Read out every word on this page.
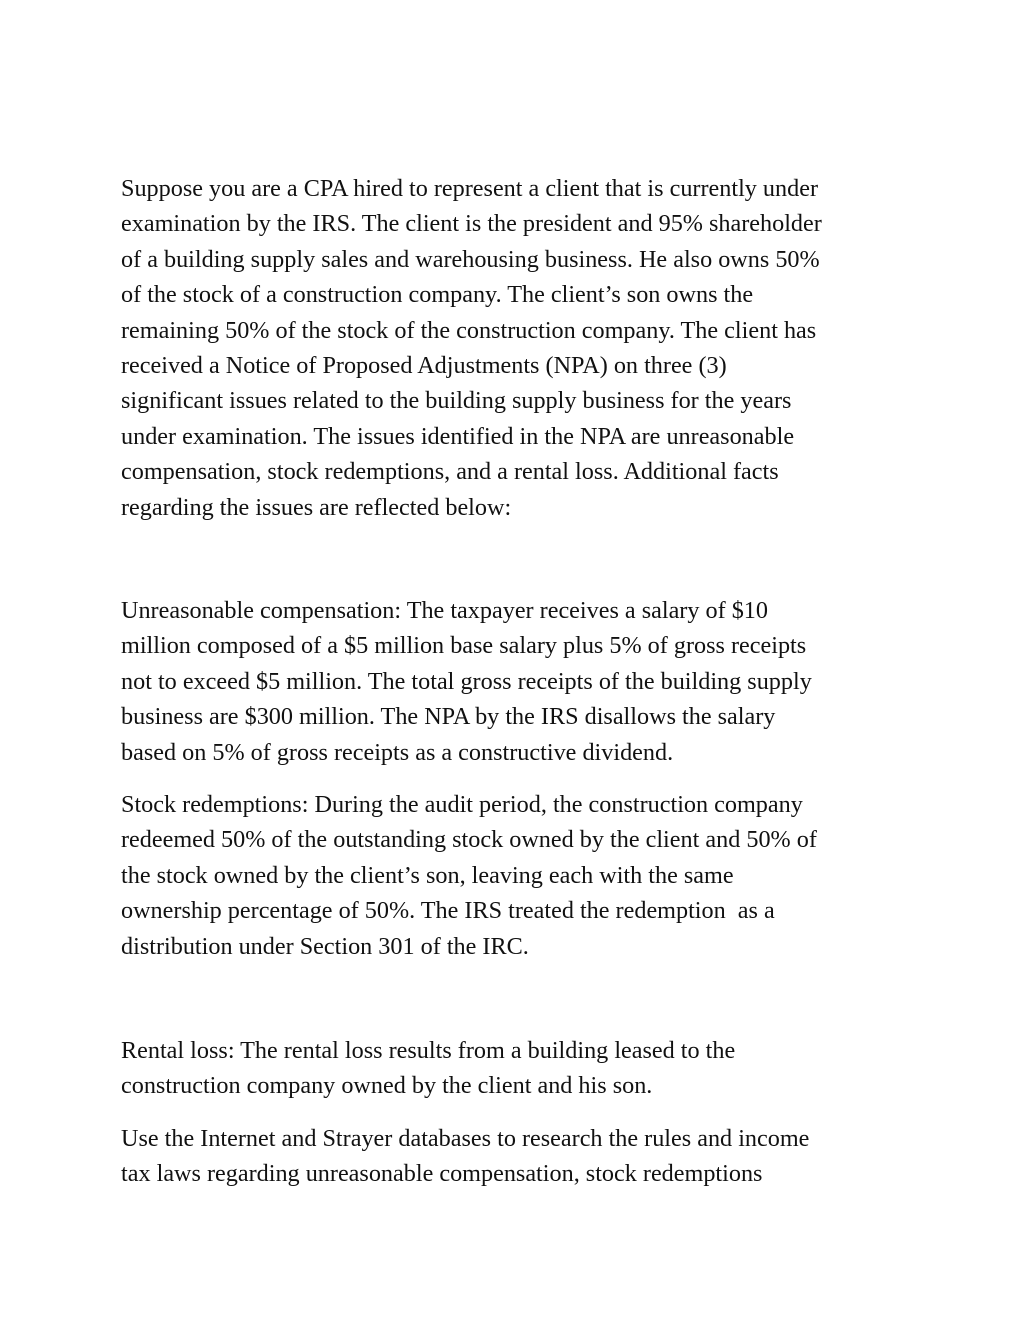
Suppose you are a CPA hired to represent a client that is currently under
examination by the IRS. The client is the president and 95% shareholder
of a building supply sales and warehousing business. He also owns 50%
of the stock of a construction company. The client’s son owns the
remaining 50% of the stock of the construction company. The client has
received a Notice of Proposed Adjustments (NPA) on three (3)
significant issues related to the building supply business for the years
under examination. The issues identified in the NPA are unreasonable
compensation, stock redemptions, and a rental loss. Additional facts
regarding the issues are reflected below:
Unreasonable compensation: The taxpayer receives a salary of $10
million composed of a $5 million base salary plus 5% of gross receipts
not to exceed $5 million. The total gross receipts of the building supply
business are $300 million. The NPA by the IRS disallows the salary
based on 5% of gross receipts as a constructive dividend.
Stock redemptions: During the audit period, the construction company
redeemed 50% of the outstanding stock owned by the client and 50% of
the stock owned by the client’s son, leaving each with the same
ownership percentage of 50%. The IRS treated the redemption  as a
distribution under Section 301 of the IRC.
Rental loss: The rental loss results from a building leased to the
construction company owned by the client and his son.
Use the Internet and Strayer databases to research the rules and income
tax laws regarding unreasonable compensation, stock redemptions
